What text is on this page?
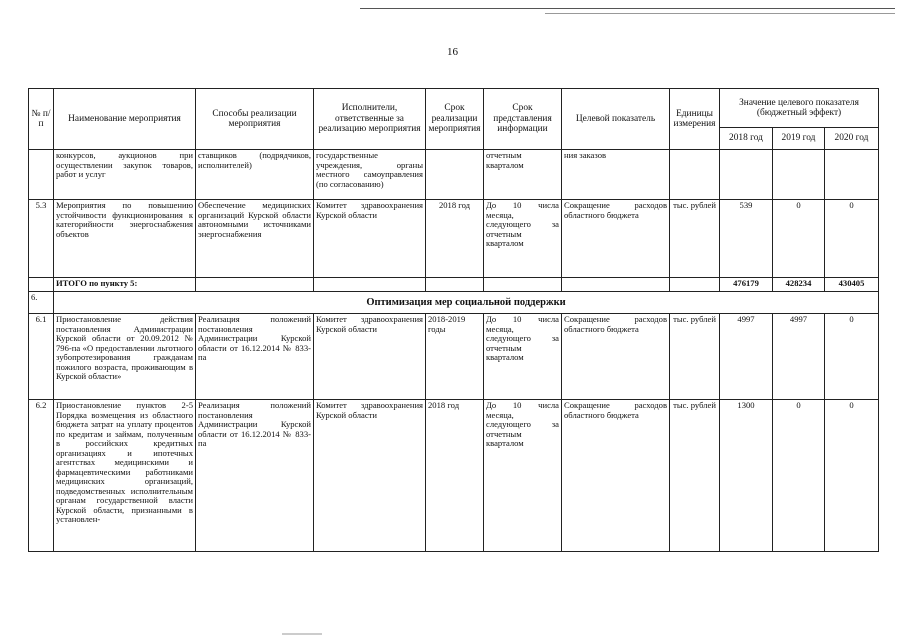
16
№ п/п	Наименование мероприятия	Способы реализации мероприятия	Исполнители, ответственные за реализацию мероприятия	Срок реализации мероприятия	Срок представления информации	Целевой показатель	Единицы измерения	Значение целевого показателя (бюджетный эффект)		
								2018 год	2019 год	2020 год
	конкурсов, аукционов при осуществлении закупок товаров, работ и услуг	ставщиков (подрядчиков, исполнителей)	государственные учреждения, органы местного самоуправления (по согласованию)		отчетным кварталом	ния заказов				
5.3	Мероприятия по повышению устойчивости функционирования к категорийности энергоснабжения объектов	Обеспечение медицинских организаций Курской области автономными источниками энергоснабжения	Комитет здравоохранения Курской области	2018 год	До 10 числа месяца, следующего за отчетным кварталом	Сокращение расходов областного бюджета	тыс. рублей	539	0	0
	ИТОГО по пункту 5:							476179	428234	430405
6.	Оптимизация мер социальной поддержки									
6.1	Приостановление действия постановления Администрации Курской области от 20.09.2012 № 796-па «О предоставлении льготного зубопротезирования гражданам пожилого возраста, проживающим в Курской области»	Реализация положений постановления Администрации Курской области от 16.12.2014 № 833-па	Комитет здравоохранения Курской области	2018-2019 годы	До 10 числа месяца, следующего за отчетным кварталом	Сокращение расходов областного бюджета	тыс. рублей	4997	4997	0
6.2	Приостановление пунктов 2-5 Порядка возмещения из областного бюджета затрат на уплату процентов по кредитам и займам, полученным в российских кредитных организациях и ипотечных агентствах медицинскими и фармацевтическими работниками медицинских организаций, подведомственных исполнительным органам государственной власти Курской области, признанными в установлен-	Реализация положений постановления Администрации Курской области от 16.12.2014 № 833-па	Комитет здравоохранения Курской области	2018 год	До 10 числа месяца, следующего за отчетным кварталом	Сокращение расходов областного бюджета	тыс. рублей	1300	0	0
